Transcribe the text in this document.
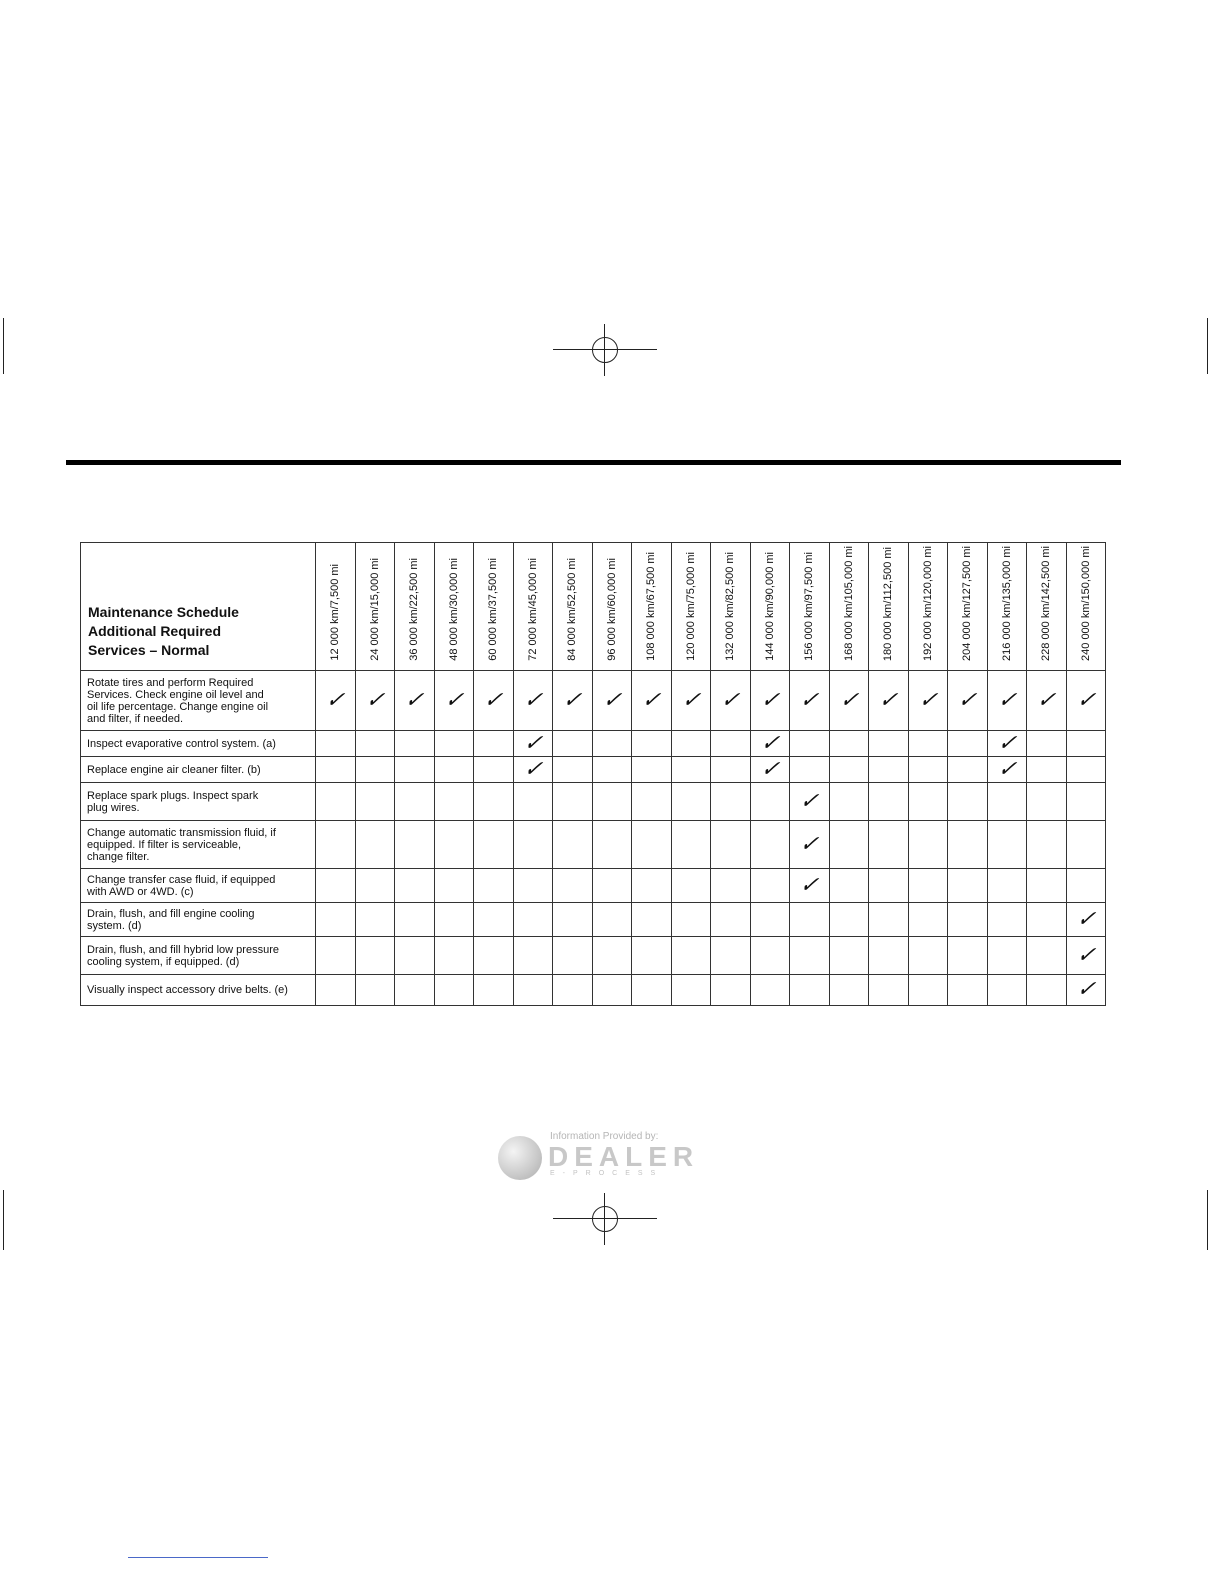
Maintenance Schedule
Additional Required
Services – Normal	12 000 km/7,500 mi	24 000 km/15,000 mi	36 000 km/22,500 mi	48 000 km/30,000 mi	60 000 km/37,500 mi	72 000 km/45,000 mi	84 000 km/52,500 mi	96 000 km/60,000 mi	108 000 km/67,500 mi	120 000 km/75,000 mi	132 000 km/82,500 mi	144 000 km/90,000 mi	156 000 km/97,500 mi	168 000 km/105,000 mi	180 000 km/112,500 mi	192 000 km/120,000 mi	204 000 km/127,500 mi	216 000 km/135,000 mi	228 000 km/142,500 mi	240 000 km/150,000 mi
Rotate tires and perform Required
Services. Check engine oil level and
oil life percentage. Change engine oil
and filter, if needed.	✓	✓	✓	✓	✓	✓	✓	✓	✓	✓	✓	✓	✓	✓	✓	✓	✓	✓	✓	✓
Inspect evaporative control system. (a)						✓						✓						✓		
Replace engine air cleaner filter. (b)						✓						✓						✓		
Replace spark plugs. Inspect spark
plug wires.													✓							
Change automatic transmission fluid, if
equipped. If filter is serviceable,
change filter.													✓							
Change transfer case fluid, if equipped
with AWD or 4WD. (c)													✓							
Drain, flush, and fill engine cooling
system. (d)																				✓
Drain, flush, and fill hybrid low pressure
cooling system, if equipped. (d)																				✓
Visually inspect accessory drive belts. (e)																				✓
Information Provided by:
DEALER
E-PROCESS
